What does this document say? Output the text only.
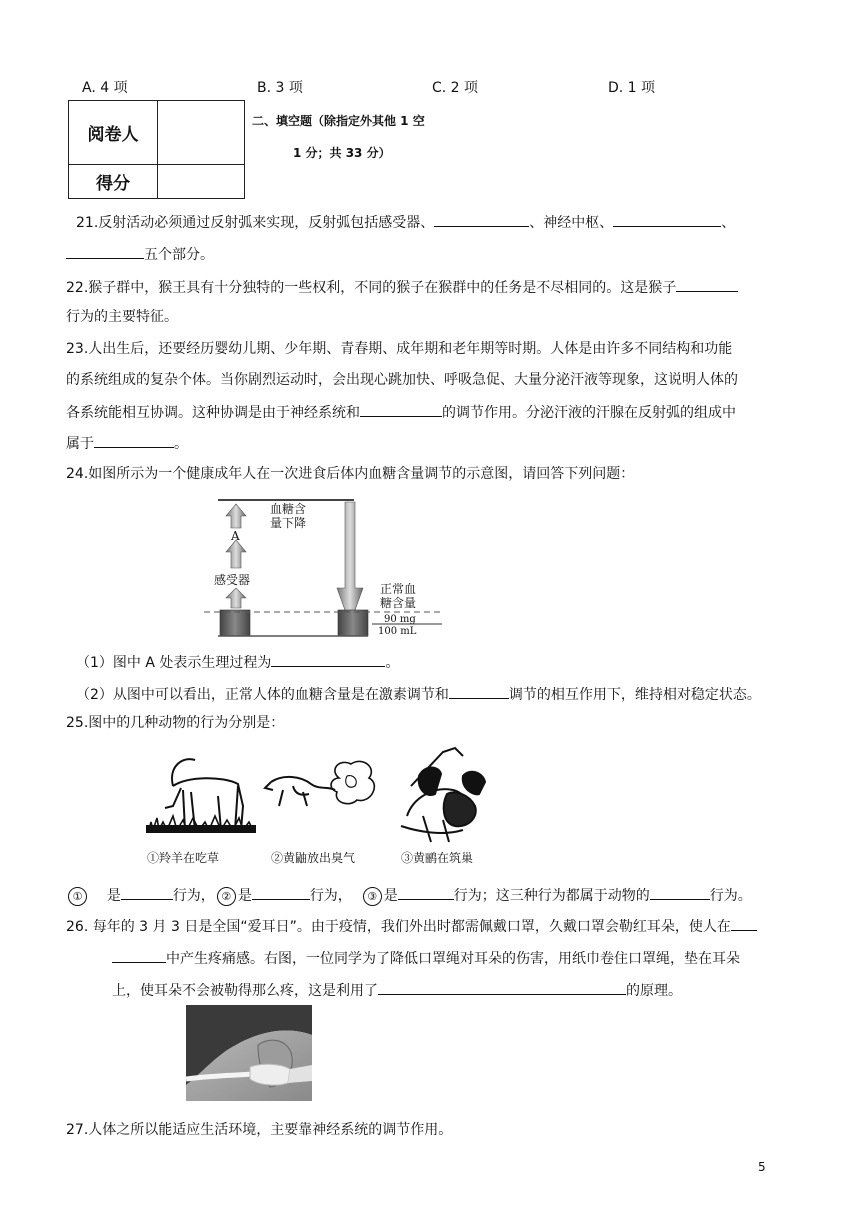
A. 4 项	B. 3 项	C. 2 项	D. 1 项
阅卷人	
得分	
二、填空题（除指定外其他 1 空
1 分；共 33 分）
21.反射活动必须通过反射弧来实现，反射弧包括感受器、	、神经中枢、	、
五个部分。
22.猴子群中，猴王具有十分独特的一些权利，不同的猴子在猴群中的任务是不尽相同的。这是猴子
行为的主要特征。
23.人出生后，还要经历婴幼儿期、少年期、青春期、成年期和老年期等时期。人体是由许多不同结构和功能
的系统组成的复杂个体。当你剧烈运动时，会出现心跳加快、呼吸急促、大量分泌汗液等现象，这说明人体的
各系统能相互协调。这种协调是由于神经系统和	的调节作用。分泌汗液的汗腺在反射弧的组成中
属于	。
24.如图所示为一个健康成年人在一次进食后体内血糖含量调节的示意图，请回答下列问题：
血糖含
量下降
A
感受器
正常血
糖含量
90 mg
100 mL
（1）图中 A 处表示生理过程为	。
（2）从图中可以看出，正常人体的血糖含量是在激素调节和	调节的相互作用下，维持相对稳定状态。
25.图中的几种动物的行为分别是：
①羚羊在吃草	②黄鼬放出臭气	③黄鹂在筑巢
① 是	行为， ② 是	行为， ③ 是	行为；这三种行为都属于动物的	行为。
26. 每年的 3 月 3 日是全国“爱耳日”。由于疫情，我们外出时都需佩戴口罩，久戴口罩会勒红耳朵，使人在
中产生疼痛感。右图，一位同学为了降低口罩绳对耳朵的伤害，用纸巾卷住口罩绳，垫在耳朵
上，使耳朵不会被勒得那么疼，这是利用了	的原理。
27.人体之所以能适应生活环境，主要靠神经系统的调节作用。
5
